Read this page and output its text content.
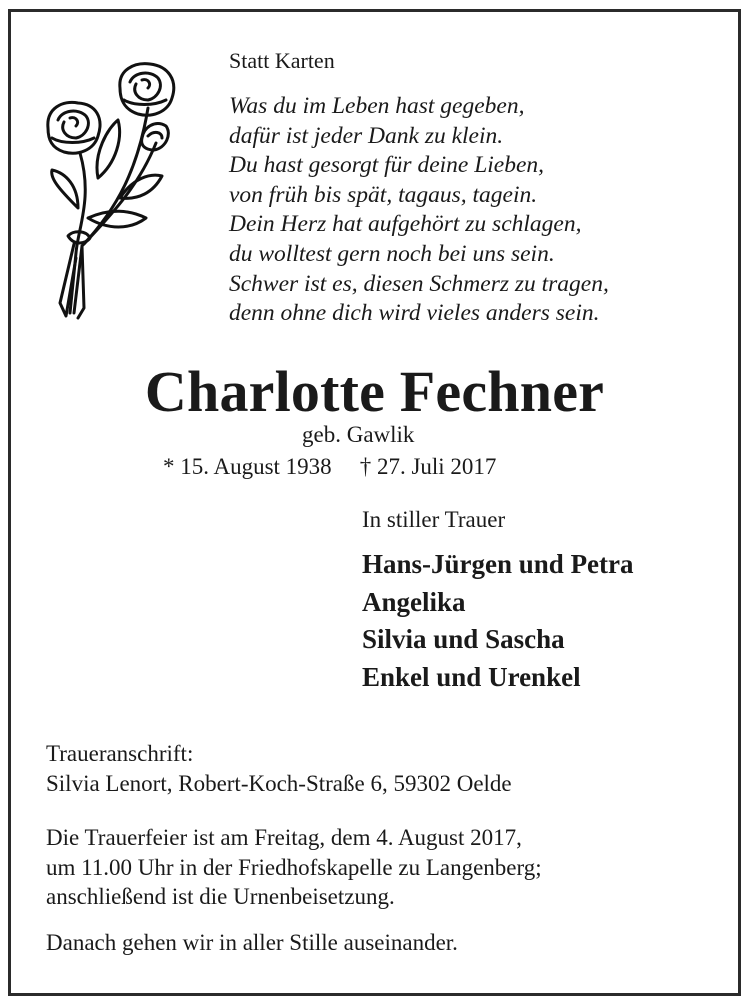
Statt Karten
Was du im Leben hast gegeben,
dafür ist jeder Dank zu klein.
Du hast gesorgt für deine Lieben,
von früh bis spät, tagaus, tagein.
Dein Herz hat aufgehört zu schlagen,
du wolltest gern noch bei uns sein.
Schwer ist es, diesen Schmerz zu tragen,
denn ohne dich wird vieles anders sein.
Charlotte Fechner
geb. Gawlik
* 15. August 1938 † 27. Juli 2017
In stiller Trauer
Hans-Jürgen und Petra
Angelika
Silvia und Sascha
Enkel und Urenkel
Traueranschrift:
Silvia Lenort, Robert-Koch-Straße 6, 59302 Oelde
Die Trauerfeier ist am Freitag, dem 4. August 2017,
um 11.00 Uhr in der Friedhofskapelle zu Langenberg;
anschließend ist die Urnenbeisetzung.
Danach gehen wir in aller Stille auseinander.
